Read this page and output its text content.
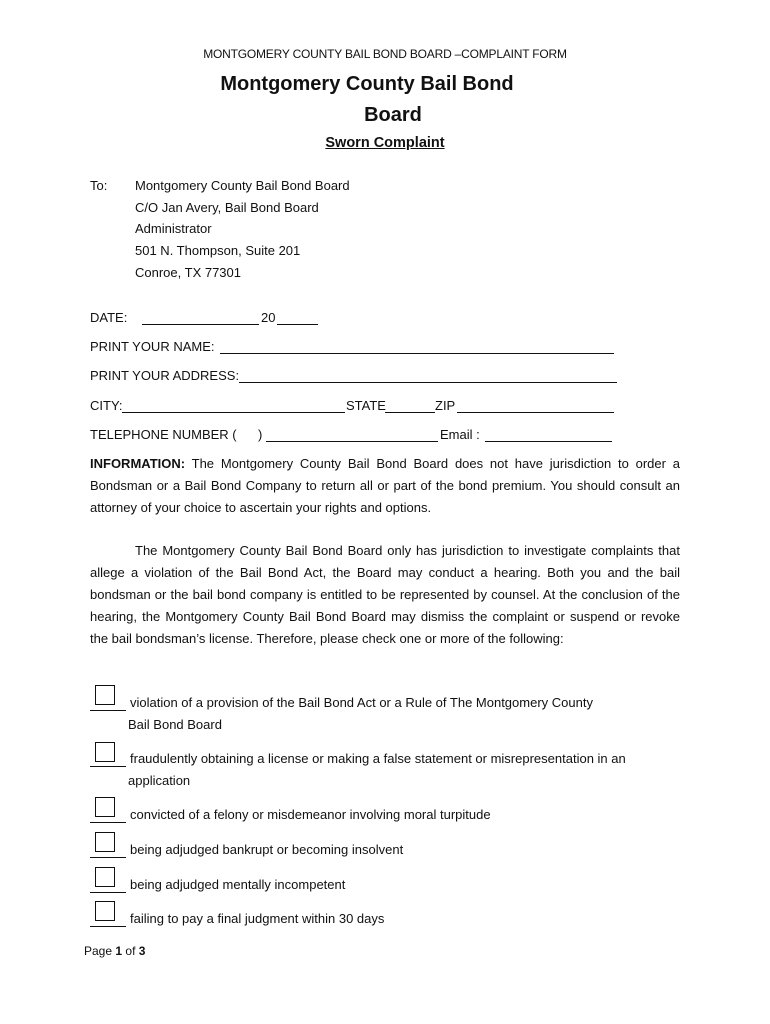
MONTGOMERY COUNTY BAIL BOND BOARD –COMPLAINT FORM
Montgomery County Bail Bond
Board
Sworn Complaint
To: Montgomery County Bail Bond Board
C/O Jan Avery, Bail Bond Board
Administrator
501 N. Thompson, Suite 201
Conroe, TX 77301
DATE:	20
PRINT YOUR NAME:
PRINT YOUR ADDRESS:
CITY:	STATE	ZIP
TELEPHONE NUMBER ( )	Email :

INFORMATION: The Montgomery County Bail Bond Board does not have jurisdiction to order a Bondsman or a Bail Bond Company to return all or part of the bond premium. You should consult an attorney of your choice to ascertain your rights and options.

The Montgomery County Bail Bond Board only has jurisdiction to investigate complaints that allege a violation of the Bail Bond Act, the Board may conduct a hearing. Both you and the bail bondsman or the bail bond company is entitled to be represented by counsel. At the conclusion of the hearing, the Montgomery County Bail Bond Board may dismiss the complaint or suspend or revoke the bail bondsman’s license. Therefore, please check one or more of the following:

violation of a provision of the Bail Bond Act or a Rule of The Montgomery County
Bail Bond Board
fraudulently obtaining a license or making a false statement or misrepresentation in an
application
convicted of a felony or misdemeanor involving moral turpitude
being adjudged bankrupt or becoming insolvent
being adjudged mentally incompetent
failing to pay a final judgment within 30 days
Page 1 of 3
